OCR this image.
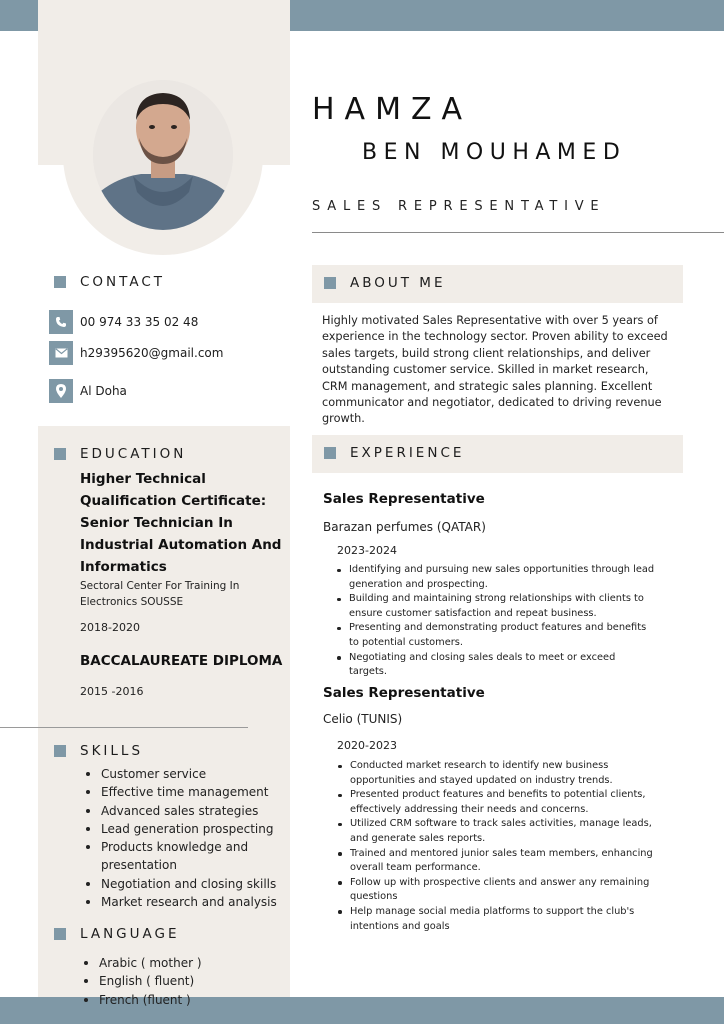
HAMZA
BEN MOUHAMED
SALES REPRESENTATIVE
CONTACT
00 974 33 35 02 48
h29395620@gmail.com
Al Doha
EDUCATION
Higher Technical Qualification Certificate: Senior Technician In Industrial Automation And Informatics
Sectoral Center For Training In Electronics SOUSSE
2018-2020
BACCALAUREATE DIPLOMA
2015 -2016
SKILLS
Customer service
Effective time management
Advanced sales strategies
Lead generation prospecting
Products knowledge and presentation
Negotiation and closing skills
Market research and analysis
LANGUAGE
Arabic ( mother )
English ( fluent)
French (fluent )
ABOUT ME
Highly motivated Sales Representative with over 5 years of experience in the technology sector. Proven ability to exceed sales targets, build strong client relationships, and deliver outstanding customer service. Skilled in market research, CRM management, and strategic sales planning. Excellent communicator and negotiator, dedicated to driving revenue growth.
EXPERIENCE
Sales Representative
Barazan perfumes (QATAR)
2023-2024
Identifying and pursuing new sales opportunities through lead generation and prospecting.
Building and maintaining strong relationships with clients to ensure customer satisfaction and repeat business.
Presenting and demonstrating product features and benefits to potential customers.
Negotiating and closing sales deals to meet or exceed targets.
Sales Representative
Celio (TUNIS)
2020-2023
Conducted market research to identify new business opportunities and stayed updated on industry trends.
Presented product features and benefits to potential clients, effectively addressing their needs and concerns.
Utilized CRM software to track sales activities, manage leads, and generate sales reports.
Trained and mentored junior sales team members, enhancing overall team performance.
Follow up with prospective clients and answer any remaining questions
Help manage social media platforms to support the club's intentions and goals
